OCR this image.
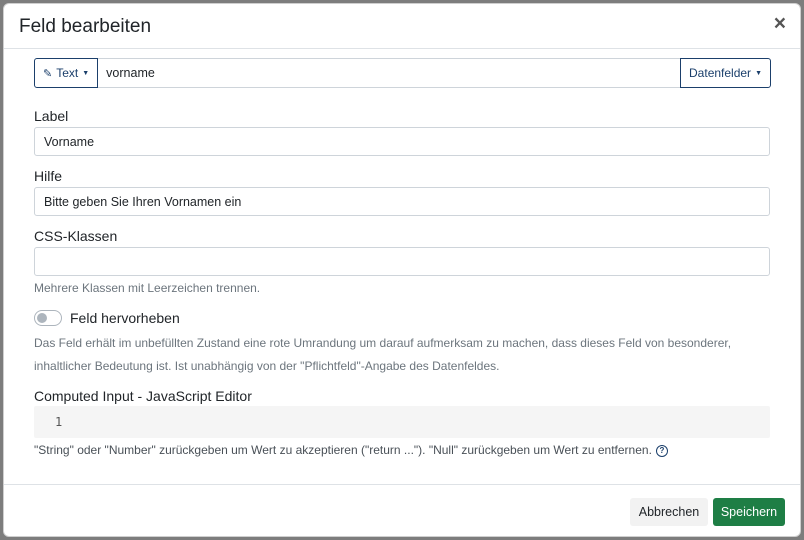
Feld bearbeiten	×
✎ Text ▼
vorname	Datenfelder ▼
Label
Vorname
Hilfe
Bitte geben Sie Ihren Vornamen ein
CSS-Klassen
Mehrere Klassen mit Leerzeichen trennen.
Feld hervorheben
Das Feld erhält im unbefüllten Zustand eine rote Umrandung um darauf aufmerksam zu machen, dass dieses Feld von besonderer, inhaltlicher Bedeutung ist. Ist unabhängig von der "Pflichtfeld"-Angabe des Datenfeldes.
Computed Input - JavaScript Editor
1
"String" oder "Number" zurückgeben um Wert zu akzeptieren ("return ..."). "Null" zurückgeben um Wert zu entfernen. ?
Abbrechen	Speichern
